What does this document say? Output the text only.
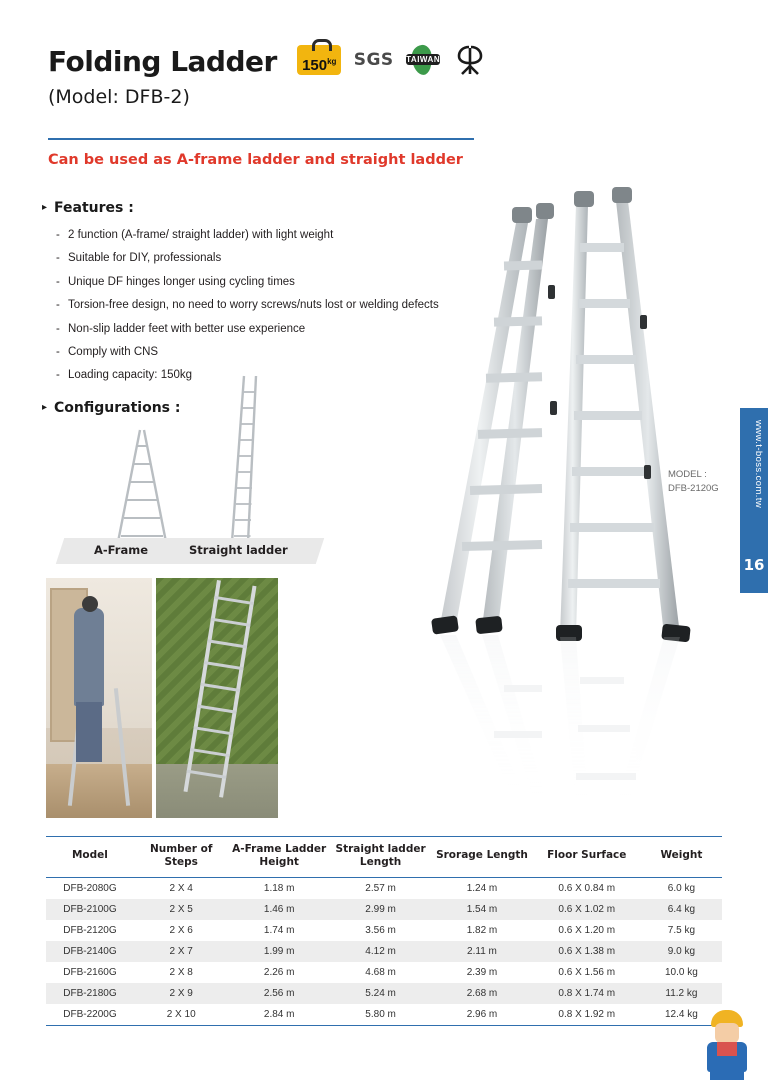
Folding Ladder $150^{kg}$ SGS TAIWAN

(Model: DFB-2)
Can be used as A-frame ladder and straight ladder
▸ Features :
- 2 function (A-frame/ straight ladder) with light weight
- Suitable for DIY, professionals
- Unique DF hinges longer using cycling times
- Torsion-free design, no need to worry screws/nuts lost or welding defects
- Non-slip ladder feet with better use experience
- Comply with CNS
- Loading capacity: 150kg
▸ Configurations :
A-Frame	Straight ladder
MODEL :
DFB-2120G	www.t-boss.com.tw
16
Model	Number of Steps	A-Frame Ladder Height	Straight ladder Length	Srorage Length	Floor Surface	Weight
DFB-2080G	2 X 4	1.18 m	2.57 m	1.24 m	0.6 X 0.84 m	6.0 kg
DFB-2100G	2 X 5	1.46 m	2.99 m	1.54 m	0.6 X 1.02 m	6.4 kg
DFB-2120G	2 X 6	1.74 m	3.56 m	1.82 m	0.6 X 1.20 m	7.5 kg
DFB-2140G	2 X 7	1.99 m	4.12 m	2.11 m	0.6 X 1.38 m	9.0 kg
DFB-2160G	2 X 8	2.26 m	4.68 m	2.39 m	0.6 X 1.56 m	10.0 kg
DFB-2180G	2 X 9	2.56 m	5.24 m	2.68 m	0.8 X 1.74 m	11.2 kg
DFB-2200G	2 X 10	2.84 m	5.80 m	2.96 m	0.8 X 1.92 m	12.4 kg
